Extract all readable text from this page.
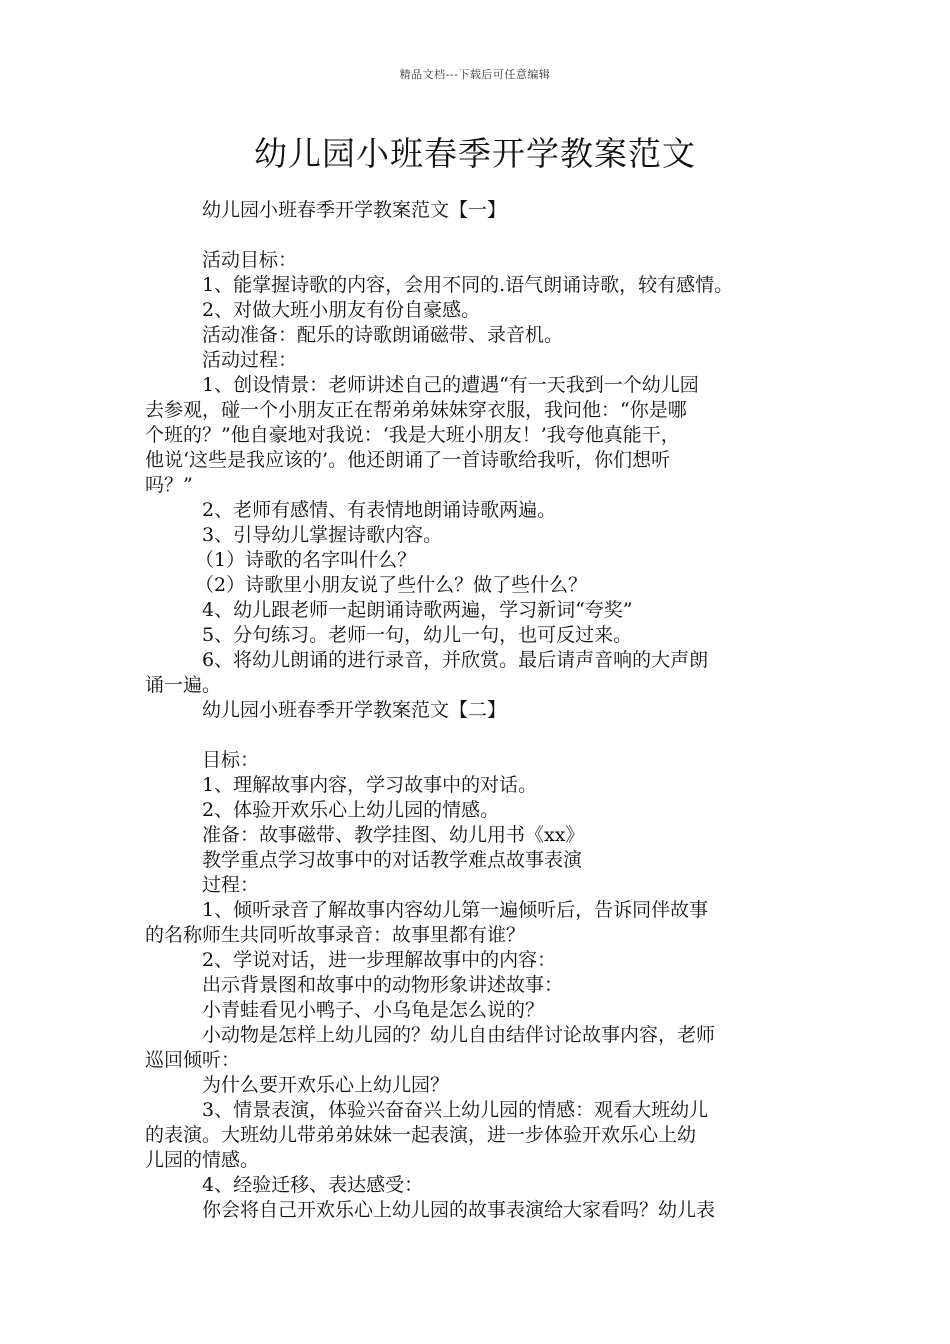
精品文档---下载后可任意编辑
幼儿园小班春季开学教案范文
幼儿园小班春季开学教案范文【一】
活动目标：
1、能掌握诗歌的内容，会用不同的.语气朗诵诗歌，较有感情。
2、对做大班小朋友有份自豪感。
活动准备：配乐的诗歌朗诵磁带、录音机。
活动过程：
1、创设情景：老师讲述自己的遭遇“有一天我到一个幼儿园
去参观，碰一个小朋友正在帮弟弟妹妹穿衣服，我问他：“你是哪
个班的？”他自豪地对我说：‘我是大班小朋友！’我夸他真能干，
他说‘这些是我应该的’。他还朗诵了一首诗歌给我听，你们想听
吗？”
2、老师有感情、有表情地朗诵诗歌两遍。
3、引导幼儿掌握诗歌内容。
（1）诗歌的名字叫什么？
（2）诗歌里小朋友说了些什么？做了些什么？
4、幼儿跟老师一起朗诵诗歌两遍，学习新词“夸奖”
5、分句练习。老师一句，幼儿一句，也可反过来。
6、将幼儿朗诵的进行录音，并欣赏。最后请声音响的大声朗
诵一遍。
幼儿园小班春季开学教案范文【二】
目标：
1、理解故事内容，学习故事中的对话。
2、体验开欢乐心上幼儿园的情感。
准备：故事磁带、教学挂图、幼儿用书《xx》
教学重点学习故事中的对话教学难点故事表演
过程：
1、倾听录音了解故事内容幼儿第一遍倾听后，告诉同伴故事
的名称师生共同听故事录音：故事里都有谁？
2、学说对话，进一步理解故事中的内容：
出示背景图和故事中的动物形象讲述故事：
小青蛙看见小鸭子、小乌龟是怎么说的？
小动物是怎样上幼儿园的？幼儿自由结伴讨论故事内容，老师
巡回倾听：
为什么要开欢乐心上幼儿园？
3、情景表演，体验兴奋奋兴上幼儿园的情感：观看大班幼儿
的表演。大班幼儿带弟弟妹妹一起表演，进一步体验开欢乐心上幼
儿园的情感。
4、经验迁移、表达感受：
你会将自己开欢乐心上幼儿园的故事表演给大家看吗？幼儿表
